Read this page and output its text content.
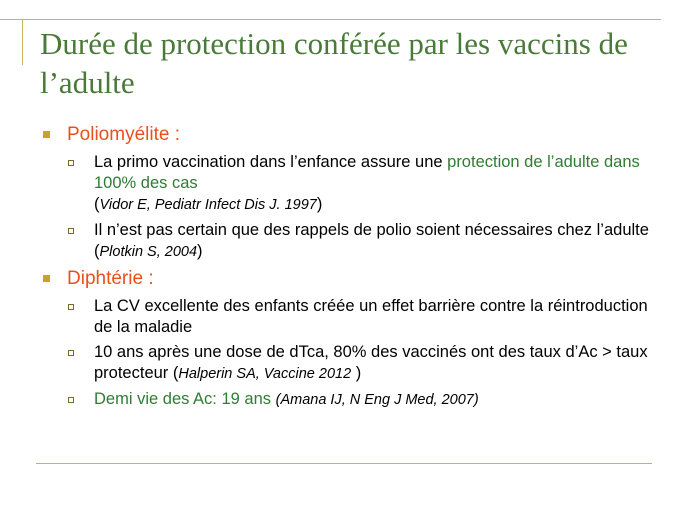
Durée de protection conférée par les vaccins de l’adulte
Poliomyélite :
La primo vaccination dans l’enfance assure une protection de l’adulte dans 100% des cas
(Vidor E, Pediatr Infect Dis J. 1997)
Il n’est pas certain que des rappels de polio soient nécessaires chez l’adulte (Plotkin S, 2004)
Diphtérie :
La CV excellente des enfants créée un effet barrière contre la réintroduction de la maladie
10 ans après une dose de dTca, 80% des vaccinés ont des taux d’Ac > taux protecteur (Halperin SA, Vaccine 2012 )
Demi vie des Ac: 19 ans (Amana IJ, N Eng J Med, 2007)
